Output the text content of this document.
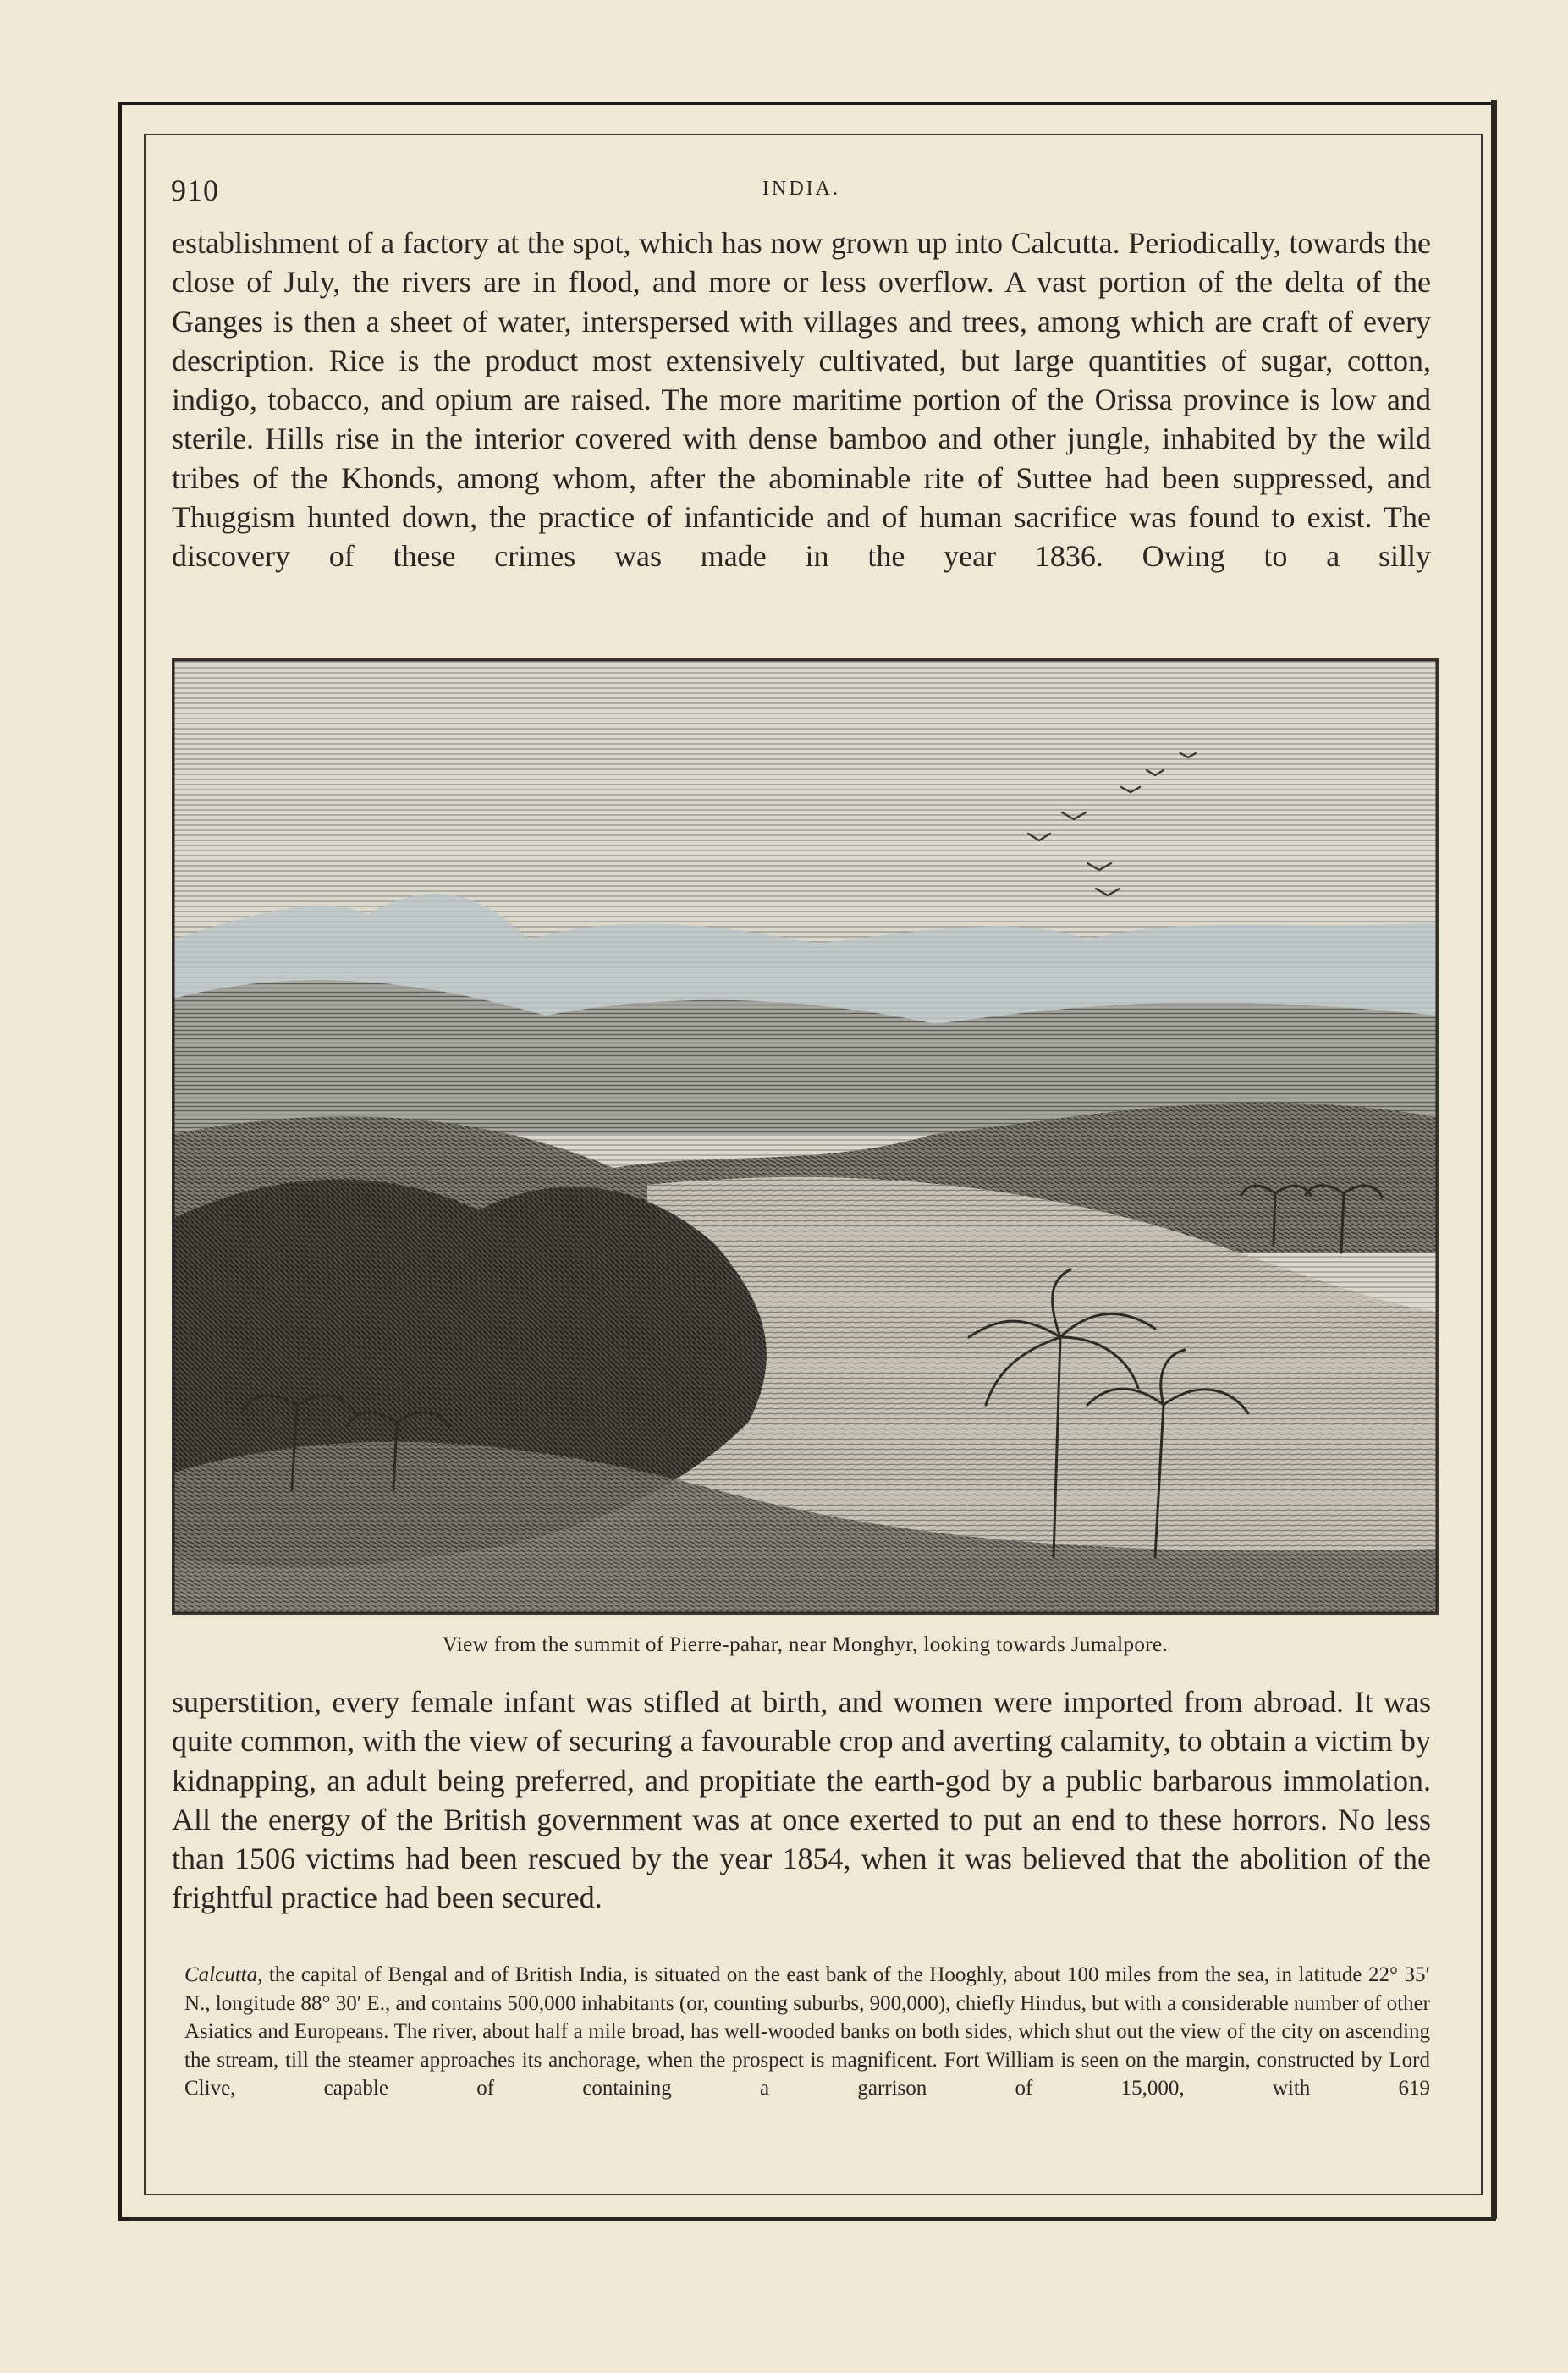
910	INDIA.

establishment of a factory at the spot, which has now grown up into Calcutta. Periodically, towards the close of July, the rivers are in flood, and more or less overflow. A vast portion of the delta of the Ganges is then a sheet of water, interspersed with villages and trees, among which are craft of every description. Rice is the product most extensively cultivated, but large quantities of sugar, cotton, indigo, tobacco, and opium are raised. The more maritime portion of the Orissa province is low and sterile. Hills rise in the interior covered with dense bamboo and other jungle, inhabited by the wild tribes of the Khonds, among whom, after the abominable rite of Suttee had been suppressed, and Thuggism hunted down, the practice of infanticide and of human sacrifice was found to exist. The discovery of these crimes was made in the year 1836. Owing to a silly

View from the summit of Pierre-pahar, near Monghyr, looking towards Jumalpore.

superstition, every female infant was stifled at birth, and women were imported from abroad. It was quite common, with the view of securing a favourable crop and averting calamity, to obtain a victim by kidnapping, an adult being preferred, and propitiate the earth-god by a public barbarous immolation. All the energy of the British government was at once exerted to put an end to these horrors. No less than 1506 victims had been rescued by the year 1854, when it was believed that the abolition of the frightful practice had been secured.

Calcutta, the capital of Bengal and of British India, is situated on the east bank of the Hooghly, about 100 miles from the sea, in latitude 22° 35′ N., longitude 88° 30′ E., and contains 500,000 inhabitants (or, counting suburbs, 900,000), chiefly Hindus, but with a considerable number of other Asiatics and Europeans. The river, about half a mile broad, has well-wooded banks on both sides, which shut out the view of the city on ascending the stream, till the steamer approaches its anchorage, when the prospect is magnificent. Fort William is seen on the margin, constructed by Lord Clive, capable of containing a garrison of 15,000, with 619
